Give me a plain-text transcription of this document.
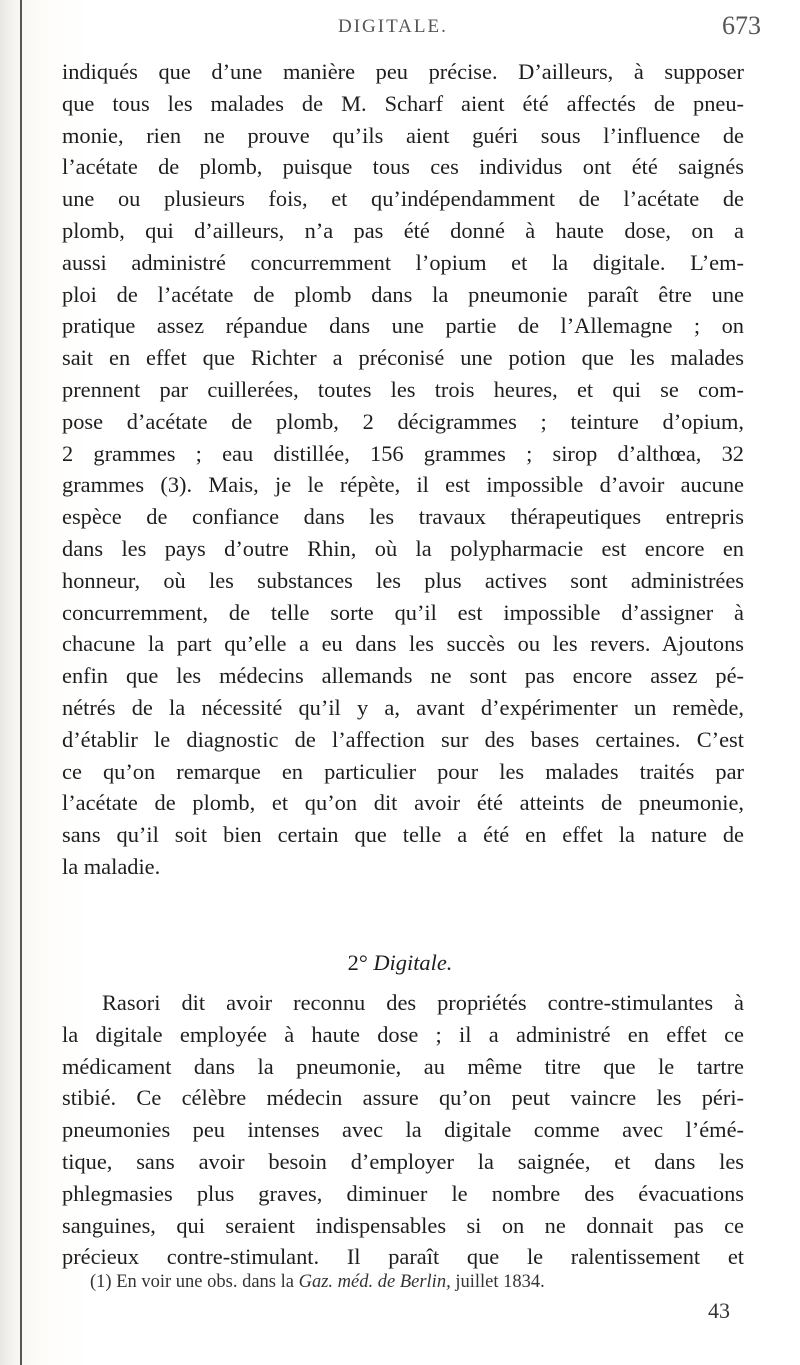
DIGITALE.	673
indiqués que d’une manière peu précise. D’ailleurs, à supposer
que tous les malades de M. Scharf aient été affectés de pneu-
monie, rien ne prouve qu’ils aient guéri sous l’influence de
l’acétate de plomb, puisque tous ces individus ont été saignés
une ou plusieurs fois, et qu’indépendamment de l’acétate de
plomb, qui d’ailleurs, n’a pas été donné à haute dose, on a
aussi administré concurremment l’opium et la digitale. L’em-
ploi de l’acétate de plomb dans la pneumonie paraît être une
pratique assez répandue dans une partie de l’Allemagne ; on
sait en effet que Richter a préconisé une potion que les malades
prennent par cuillerées, toutes les trois heures, et qui se com-
pose d’acétate de plomb, 2 décigrammes ; teinture d’opium,
2 grammes ; eau distillée, 156 grammes ; sirop d’althœa, 32
grammes (3). Mais, je le répète, il est impossible d’avoir aucune
espèce de confiance dans les travaux thérapeutiques entrepris
dans les pays d’outre Rhin, où la polypharmacie est encore en
honneur, où les substances les plus actives sont administrées
concurremment, de telle sorte qu’il est impossible d’assigner à
chacune la part qu’elle a eu dans les succès ou les revers. Ajoutons
enfin que les médecins allemands ne sont pas encore assez pé-
nétrés de la nécessité qu’il y a, avant d’expérimenter un remède,
d’établir le diagnostic de l’affection sur des bases certaines. C’est
ce qu’on remarque en particulier pour les malades traités par
l’acétate de plomb, et qu’on dit avoir été atteints de pneumonie,
sans qu’il soit bien certain que telle a été en effet la nature de
la maladie.
2° Digitale.
Rasori dit avoir reconnu des propriétés contre-stimulantes à
la digitale employée à haute dose ; il a administré en effet ce
médicament dans la pneumonie, au même titre que le tartre
stibié. Ce célèbre médecin assure qu’on peut vaincre les péri-
pneumonies peu intenses avec la digitale comme avec l’émé-
tique, sans avoir besoin d’employer la saignée, et dans les
phlegmasies plus graves, diminuer le nombre des évacuations
sanguines, qui seraient indispensables si on ne donnait pas ce
précieux contre-stimulant. Il paraît que le ralentissement et
(1) En voir une obs. dans la Gaz. méd. de Berlin, juillet 1834.
43
